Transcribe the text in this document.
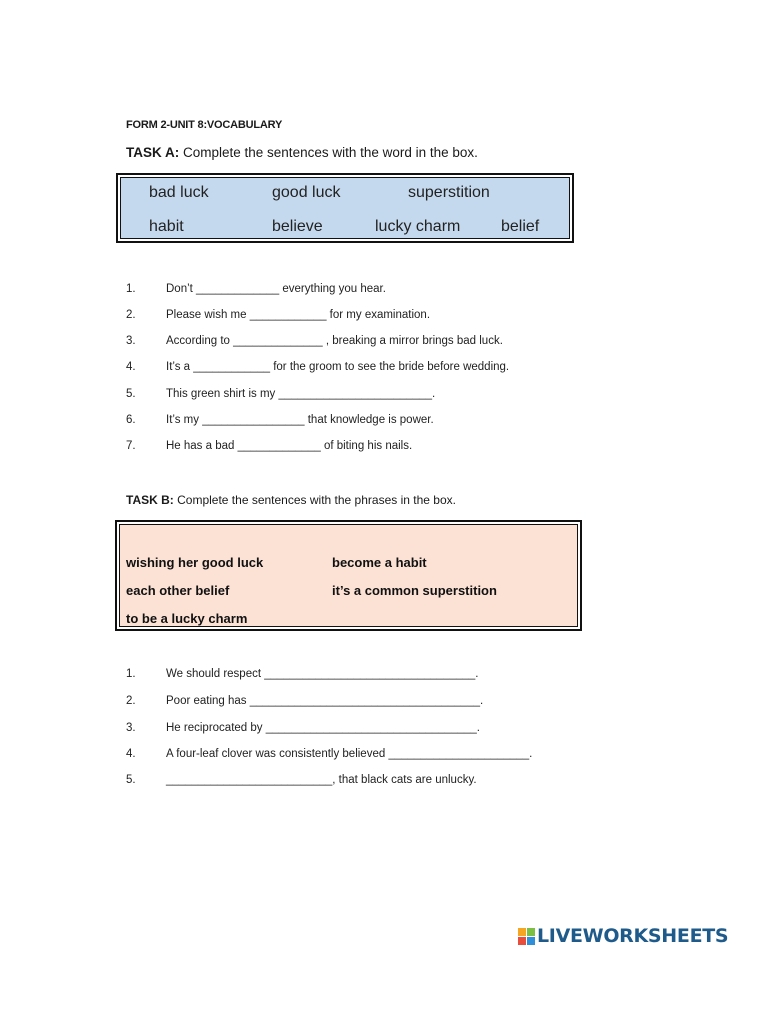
FORM 2-UNIT 8:VOCABULARY
TASK A: Complete the sentences with the word in the box.
bad luck	good luck	superstition
habit	believe	lucky charm	belief
1.	Don’t _____________ everything you hear.
2.	Please wish me ____________ for my examination.
3.	According to ______________ , breaking a mirror brings bad luck.
4.	It’s a ____________ for the groom to see the bride before wedding.
5.	This green shirt is my ________________________.
6.	It’s my ________________ that knowledge is power.
7.	He has a bad _____________ of biting his nails.
TASK B: Complete the sentences with the phrases in the box.
wishing her good luck	become a habit
each other belief	it’s a common superstition
to be a lucky charm
1.	We should respect _________________________________.
2.	Poor eating has ____________________________________.
3.	He reciprocated by _________________________________.
4.	A four-leaf clover was consistently believed ______________________.
5.	__________________________, that black cats are unlucky.
LIVEWORKSHEETS
